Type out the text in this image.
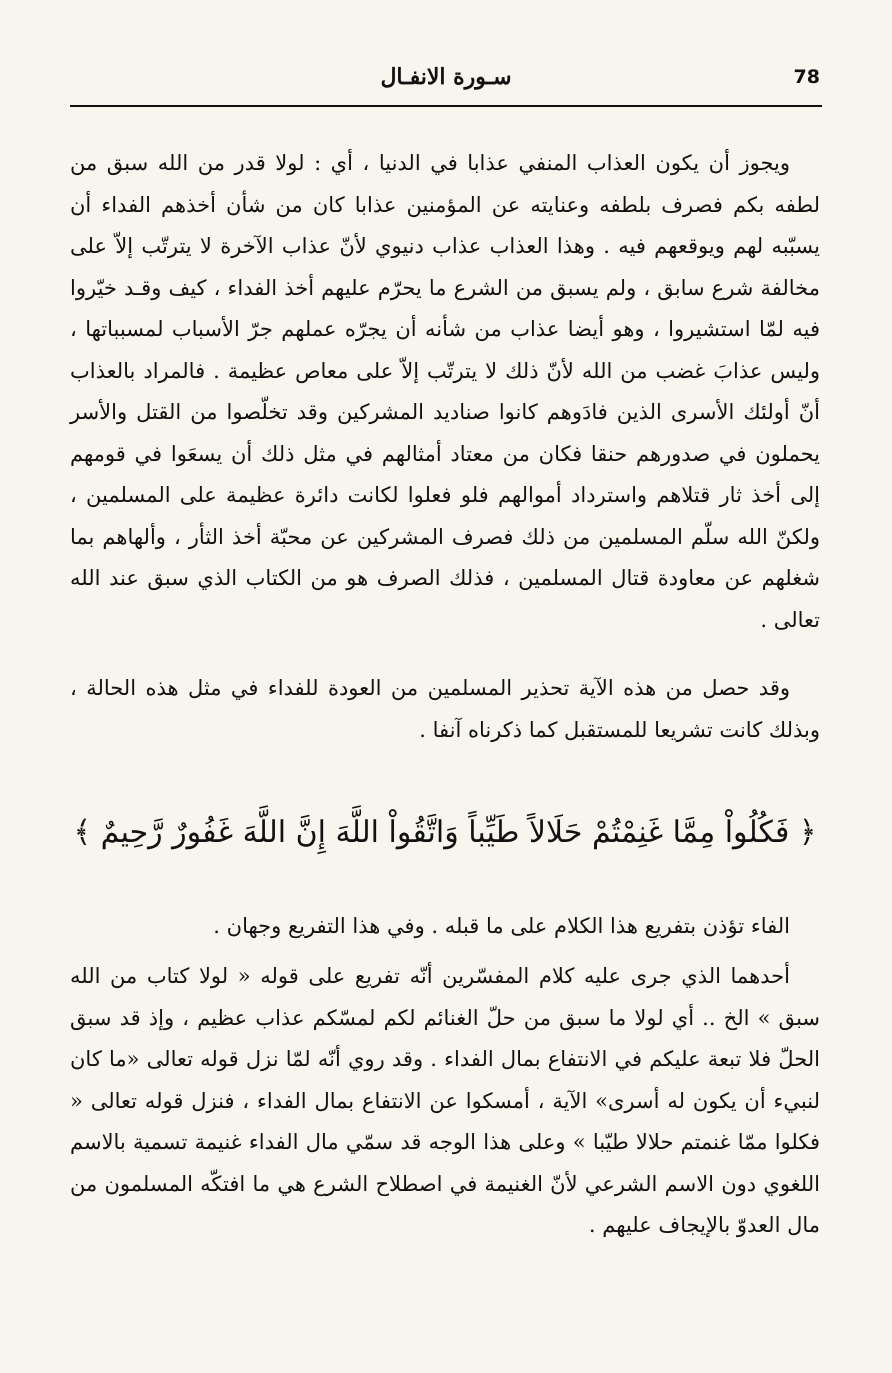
78
سـورة الانفـال

ويجوز أن يكون العذاب المنفي عذابا في الدنيا ، أي : لولا قدر من الله سبق من لطفه بكم فصرف بلطفه وعنايته عن المؤمنين عذابا كان من شأن أخذهم الفداء أن يسبّبه لهم ويوقعهم فيه . وهذا العذاب عذاب دنيوي لأنّ عذاب الآخرة لا يترتّب إلاّ على مخالفة شرع سابق ، ولم يسبق من الشرع ما يحرّم عليهم أخذ الفداء ، كيف وقـد خيّروا فيه لمّا استشيروا ، وهو أيضا عذاب من شأنه أن يجرّه عملهم جرّ الأسباب لمسبباتها ، وليس عذابَ غضب من الله لأنّ ذلك لا يترتّب إلاّ على معاص عظيمة . فالمراد بالعذاب أنّ أولئك الأسرى الذين فادَوهم كانوا صناديد المشركين وقد تخلّصوا من القتل والأسر يحملون في صدورهم حنقا فكان من معتاد أمثالهم في مثل ذلك أن يسعَوا في قومهم إلى أخذ ثار قتلاهم واسترداد أموالهم فلو فعلوا لكانت دائرة عظيمة على المسلمين ، ولكنّ الله سلّم المسلمين من ذلك فصرف المشركين عن محبّة أخذ الثأر ، وألهاهم بما شغلهم عن معاودة قتال المسلمين ، فذلك الصرف هو من الكتاب الذي سبق عند الله تعالى .

وقد حصل من هذه الآية تحذير المسلمين من العودة للفداء في مثل هذه الحالة ، وبذلك كانت تشريعا للمستقبل كما ذكرناه آنفا .

﴿ فَكُلُواْ مِمَّا غَنِمْتُمْ حَلَالاً طَيِّباً وَاتَّقُواْ اللَّهَ إِنَّ اللَّهَ غَفُورٌ رَّحِيمٌ ﴾

الفاء تؤذن بتفريع هذا الكلام على ما قبله . وفي هذا التفريع وجهان .

أحدهما الذي جرى عليه كلام المفسّرين أنّه تفريع على قوله « لولا كتاب من الله سبق » الخ .. أي لولا ما سبق من حلّ الغنائم لكم لمسّكم عذاب عظيم ، وإذ قد سبق الحلّ فلا تبعة عليكم في الانتفاع بمال الفداء . وقد روي أنّه لمّا نزل قوله تعالى «ما كان لنبيء أن يكون له أسرى» الآية ، أمسكوا عن الانتفاع بمال الفداء ، فنزل قوله تعالى « فكلوا ممّا غنمتم حلالا طيّبا » وعلى هذا الوجه قد سمّي مال الفداء غنيمة تسمية بالاسم اللغوي دون الاسم الشرعي لأنّ الغنيمة في اصطلاح الشرع هي ما افتكّه المسلمون من مال العدوّ بالإيجاف عليهم .
